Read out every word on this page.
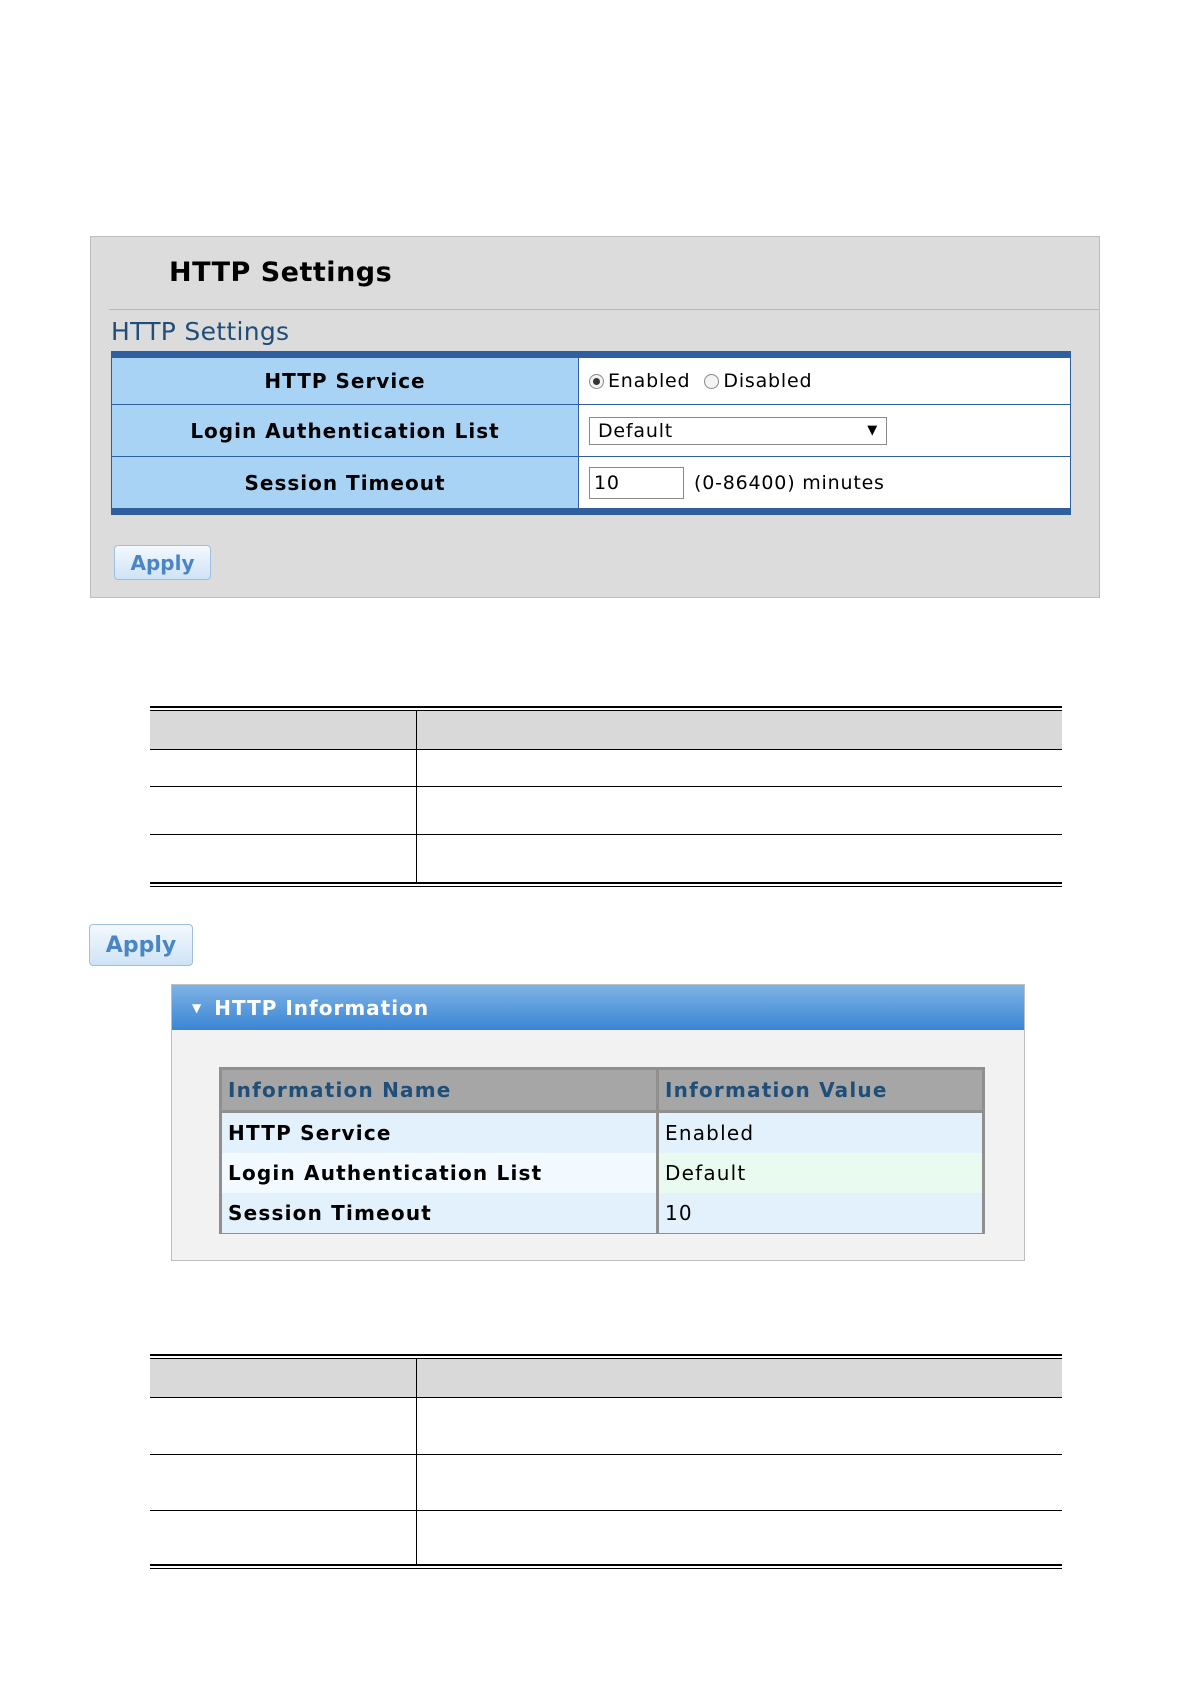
HTTP Settings
HTTP Settings
HTTP Service	Enabled Disabled
Login Authentication List	Default	▼
Session Timeout	10	(0-86400) minutes
Apply
Apply
▼ HTTP Information
Information Name	Information Value
HTTP Service	Enabled
Login Authentication List	Default
Session Timeout	10
